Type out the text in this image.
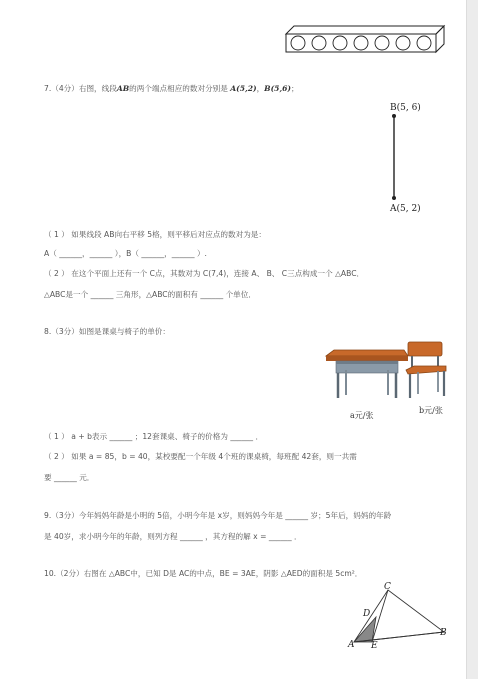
7.（4分）右图，线段AB的两个端点相应的数对分别是 A(5,2)，B(5,6)；
B(5, 6)
A(5, 2)
（ 1 ） 如果线段 AB向右平移 5格，则平移后对应点的数对为是：
A（ ______，______ ），B（ ______，______ ）.
（ 2 ） 在这个平面上还有一个 C点，其数对为 C(7,4)，连接 A、 B、 C三点构成一个 △ABC．
△ABC是一个 ______ 三角形，△ABC的面积有 ______ 个单位．
8.（3分）如图是课桌与椅子的单价：
a元/张
b元/张
（ 1 ） a + b表示 ______ ；12套课桌、椅子的价格为 ______ ．
（ 2 ） 如果 a = 85，b = 40，某校要配一个年级 4个班的课桌椅，每班配 42套，则一共需
要 ______ 元．
9.（3分）今年妈妈年龄是小明的 5倍，小明今年是 x岁，则妈妈今年是 ______ 岁；5年后，妈妈的年龄
是 40岁，求小明今年的年龄，则列方程 ______ ，其方程的解 x = ______ ．
10.（2分）右图在 △ABC中，已知 D是 AC的中点，BE = 3AE，阴影 △AED的面积是 5cm²．
C
D
B
A E
